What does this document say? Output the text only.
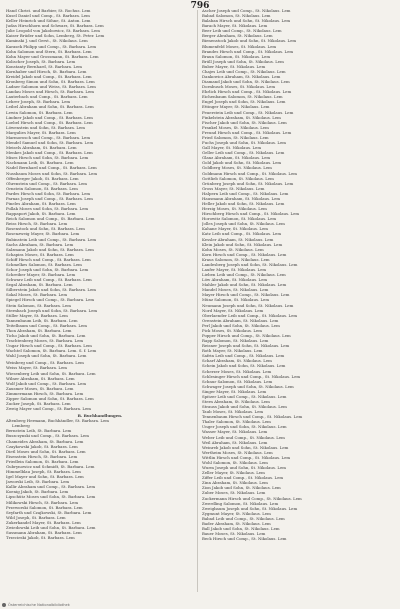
796
Hand Christ. und Barbier, St. Rochus. Lem
Kusel Daniel und Comp., St. Barbara. Lem
Keller Heinrich und Söhne, St. Anton. Lem
Judas Hirschhorn und Schwarz, St. Barbara. Lem
Julie Leopold von Jakobowicz, St. Barbara. Lem
Kaiser Brüder und Sohn, Lemberg, St. Peter. Lem
Kaminski J. und Gerst., St. Nikolaus. Lem
Karasek Philipp und Comp., St. Barbara. Lem
Kohn Salomon und Stern, St. Barbara. Lem
Kohn Mayer und Grossmann, St. Barbara. Lem
Kolischer Joseph, St. Barbara. Lem
Konstanty Bernhard, St. Barbara. Lem
Kornhaber und Hirsch, St. Barbara. Lem
Kreidel Jakob und Comp., St. Barbara. Lem
Kronberg Simon und Sohn, St. Barbara. Lem
Ladner Salomon und Weiss, St. Barbara. Lem
Landau Moses und Hirsch, St. Barbara. Lem
Lauterbach und Comp., St. Barbara. Lem
Lehrer Joseph, St. Barbara. Lem
Leibel Abraham und Sohn, St. Barbara. Lem
Lewin Salomon, St. Barbara. Lem
Lindner Jakob und Comp., St. Barbara. Lem
Loebel Hirsch und Comp., St. Barbara. Lem
Löwenstein und Sohn, St. Barbara. Lem
Margulies Mayer, St. Barbara. Lem
Marmorosch und Comp., St. Barbara. Lem
Mendel Samuel und Sohn, St. Barbara. Lem
Meisels Abraham, St. Barbara. Lem
Menkes Jakob und Comp., St. Barbara. Lem
Mises Hirsch und Sohn, St. Barbara. Lem
Nachmann Leib, St. Barbara. Lem
Nadel Bernhard und Comp., St. Barbara. Lem
Nussbaum Moses und Sohn, St. Barbara. Lem
Offenberger Jakob, St. Barbara. Lem
Ohrenstein und Comp., St. Barbara. Lem
Ornstein Salomon, St. Barbara. Lem
Pardes Hirsch und Sohn, St. Barbara. Lem
Parnas Joseph und Comp., St. Barbara. Lem
Pineles Abraham, St. Barbara. Lem
Pollak Moses und Sohn, St. Barbara. Lem
Rappaport Jakob, St. Barbara. Lem
Reich Salomon und Comp., St. Barbara. Lem
Reiss Hirsch, St. Barbara. Lem
Rosenstock und Sohn, St. Barbara. Lem
Rosenzweig Mayer, St. Barbara. Lem
Rubinstein Leib und Comp., St. Barbara. Lem
Sachs Abraham, St. Barbara. Lem
Salzmann Jakob und Sohn, St. Barbara. Lem
Schapira Moses, St. Barbara. Lem
Schiff Hirsch und Comp., St. Barbara. Lem
Schmelkes Salomon, St. Barbara. Lem
Schor Joseph und Sohn, St. Barbara. Lem
Schreiber Mayer, St. Barbara. Lem
Schwarz Leib und Comp., St. Barbara. Lem
Segal Abraham, St. Barbara. Lem
Silberstein Jakob und Sohn, St. Barbara. Lem
Sokal Moses, St. Barbara. Lem
Spiegel Hirsch und Comp., St. Barbara. Lem
Stein Salomon, St. Barbara. Lem
Sternbach Joseph und Sohn, St. Barbara. Lem
Stiller Mayer, St. Barbara. Lem
Tannenbaum Leib, St. Barbara. Lem
Teitelbaum und Comp., St. Barbara. Lem
Thon Abraham, St. Barbara. Lem
Ticho Jakob und Sohn, St. Barbara. Lem
Trachtenberg Moses, St. Barbara. Lem
Ungar Hirsch und Comp., St. Barbara. Lem
Wachtel Salomon, St. Barbara. Lem. S. f. Lem
Wahl Joseph und Sohn, St. Barbara. Lem
Weinberg und Comp., St. Barbara. Lem
Weiss Mayer, St. Barbara. Lem
Wiesenberg Leib und Sohn, St. Barbara. Lem
Wilner Abraham, St. Barbara. Lem
Wolf Jakob und Comp., St. Barbara. Lem
Zausmer Moses, St. Barbara. Lem
Zimmermann Hirsch, St. Barbara. Lem
Zipper Salomon und Sohn, St. Barbara. Lem
Zucker Joseph, St. Barbara. Lem
Zweig Mayer und Comp., St. Barbara. Lem
B. Buchhandlungen.
Altenberg Hermann, Buchhändler, St. Barbara. Lem
Lemberg
Bernstein Leib, St. Barbara. Lem
Buszczynski und Comp., St. Barbara. Lem
Chameides Abraham, St. Barbara. Lem
Czaykowski Jakob, St. Barbara. Lem
Dietl Moses und Sohn, St. Barbara. Lem
Eisenstein Hirsch, St. Barbara. Lem
Friedlein Salomon, St. Barbara. Lem
Gubrynowicz und Schmidt, St. Barbara. Lem
Himmelblau Joseph, St. Barbara. Lem
Igel Mayer und Sohn, St. Barbara. Lem
Jaworski Leib, St. Barbara. Lem
Kallir Abraham und Comp., St. Barbara. Lem
Koenig Jakob, St. Barbara. Lem
Lipschütz Moses und Sohn, St. Barbara. Lem
Milikowski Hirsch, St. Barbara. Lem
Przeworski Salomon, St. Barbara. Lem
Seyfarth und Czajkowski, St. Barbara. Lem
Wild Joseph, St. Barbara. Lem
Zukerkandel Mayer, St. Barbara. Lem
Zwiedowski Leib und Sohn, St. Barbara. Lem
Sussmann Abraham, St. Barbara. Lem
Trzecieski Jakob, St. Barbara. Lem
Ascher Joseph und Comp., St. Nikolaus. Lem
Babad Salomon, St. Nikolaus. Lem
Balaban Hirsch und Sohn, St. Nikolaus. Lem
Barach Mayer, St. Nikolaus. Lem
Beer Leib und Comp., St. Nikolaus. Lem
Berger Abraham, St. Nikolaus. Lem
Bienenstock Jakob und Sohn, St. Nikolaus. Lem
Blumenfeld Moses, St. Nikolaus. Lem
Brandes Hirsch und Comp., St. Nikolaus. Lem
Braun Salomon, St. Nikolaus. Lem
Brüll Joseph und Sohn, St. Nikolaus. Lem
Buber Mayer, St. Nikolaus. Lem
Chajes Leib und Comp., St. Nikolaus. Lem
Dankowicz Abraham, St. Nikolaus. Lem
Diamand Jakob und Sohn, St. Nikolaus. Lem
Dornbusch Moses, St. Nikolaus. Lem
Ehrlich Hirsch und Comp., St. Nikolaus. Lem
Eichenbaum Salomon, St. Nikolaus. Lem
Engel Joseph und Sohn, St. Nikolaus. Lem
Ettinger Mayer, St. Nikolaus. Lem
Feuerstein Leib und Comp., St. Nikolaus. Lem
Finkelstein Abraham, St. Nikolaus. Lem
Fischer Jakob und Sohn, St. Nikolaus. Lem
Frankel Moses, St. Nikolaus. Lem
Freund Hirsch und Comp., St. Nikolaus. Lem
Fried Salomon, St. Nikolaus. Lem
Fuchs Joseph und Sohn, St. Nikolaus. Lem
Gall Mayer, St. Nikolaus. Lem
Geller Leib und Comp., St. Nikolaus. Lem
Glanz Abraham, St. Nikolaus. Lem
Gold Jakob und Sohn, St. Nikolaus. Lem
Goldberg Moses, St. Nikolaus. Lem
Goldmann Hirsch und Comp., St. Nikolaus. Lem
Gottlieb Salomon, St. Nikolaus. Lem
Grünberg Joseph und Sohn, St. Nikolaus. Lem
Gross Mayer, St. Nikolaus. Lem
Halpern Leib und Comp., St. Nikolaus. Lem
Hausmann Abraham, St. Nikolaus. Lem
Heller Jakob und Sohn, St. Nikolaus. Lem
Herzig Moses, St. Nikolaus. Lem
Hirschberg Hirsch und Comp., St. Nikolaus. Lem
Horowitz Salomon, St. Nikolaus. Lem
Jolles Joseph und Sohn, St. Nikolaus. Lem
Kahane Mayer, St. Nikolaus. Lem
Katz Leib und Comp., St. Nikolaus. Lem
Kessler Abraham, St. Nikolaus. Lem
Klein Jakob und Sohn, St. Nikolaus. Lem
Kohn Moses, St. Nikolaus. Lem
Korn Hirsch und Comp., St. Nikolaus. Lem
Kraus Salomon, St. Nikolaus. Lem
Landesberg Joseph und Sohn, St. Nikolaus. Lem
Laufer Mayer, St. Nikolaus. Lem
Lieben Leib und Comp., St. Nikolaus. Lem
Löw Abraham, St. Nikolaus. Lem
Mahler Jakob und Sohn, St. Nikolaus. Lem
Mandel Moses, St. Nikolaus. Lem
Mayer Hirsch und Comp., St. Nikolaus. Lem
Münz Salomon, St. Nikolaus. Lem
Neumann Joseph und Sohn, St. Nikolaus. Lem
Nord Mayer, St. Nikolaus. Lem
Oberlaender Leib und Comp., St. Nikolaus. Lem
Orenstein Abraham, St. Nikolaus. Lem
Perl Jakob und Sohn, St. Nikolaus. Lem
Pick Moses, St. Nikolaus. Lem
Popper Hirsch und Comp., St. Nikolaus. Lem
Rapp Salomon, St. Nikolaus. Lem
Reisner Joseph und Sohn, St. Nikolaus. Lem
Roth Mayer, St. Nikolaus. Lem
Safrin Leib und Comp., St. Nikolaus. Lem
Scharf Abraham, St. Nikolaus. Lem
Schein Jakob und Sohn, St. Nikolaus. Lem
Scherzer Moses, St. Nikolaus. Lem
Schlesinger Hirsch und Comp., St. Nikolaus. Lem
Schnur Salomon, St. Nikolaus. Lem
Schwager Joseph und Sohn, St. Nikolaus. Lem
Singer Mayer, St. Nikolaus. Lem
Spitzer Leib und Comp., St. Nikolaus. Lem
Stern Abraham, St. Nikolaus. Lem
Strauss Jakob und Sohn, St. Nikolaus. Lem
Taub Moses, St. Nikolaus. Lem
Tennenbaum Hirsch und Comp., St. Nikolaus. Lem
Thaler Salomon, St. Nikolaus. Lem
Unger Joseph und Sohn, St. Nikolaus. Lem
Wasser Mayer, St. Nikolaus. Lem
Weber Leib und Comp., St. Nikolaus. Lem
Weil Abraham, St. Nikolaus. Lem
Weinreb Jakob und Sohn, St. Nikolaus. Lem
Wertheim Moses, St. Nikolaus. Lem
Wittlin Hirsch und Comp., St. Nikolaus. Lem
Wohl Salomon, St. Nikolaus. Lem
Wurm Joseph und Sohn, St. Nikolaus. Lem
Zeller Mayer, St. Nikolaus. Lem
Ziffer Leib und Comp., St. Nikolaus. Lem
Zinn Abraham, St. Nikolaus. Lem
Zion Jakob und Sohn, St. Nikolaus. Lem
Zuber Moses, St. Nikolaus. Lem
Zuckermann Hirsch und Comp., St. Nikolaus. Lem
Zwerdling Salomon, St. Nikolaus. Lem
Zweigbaum Joseph und Sohn, St. Nikolaus. Lem
Zygmunt Mayer, St. Nikolaus. Lem
Babad Leib und Comp., St. Nikolaus. Lem
Bader Abraham, St. Nikolaus. Lem
Ball Jakob und Sohn, St. Nikolaus. Lem
Bauer Moses, St. Nikolaus. Lem
Beck Hirsch und Comp., St. Nikolaus. Lem
Österreichische Nationalbibliothek
